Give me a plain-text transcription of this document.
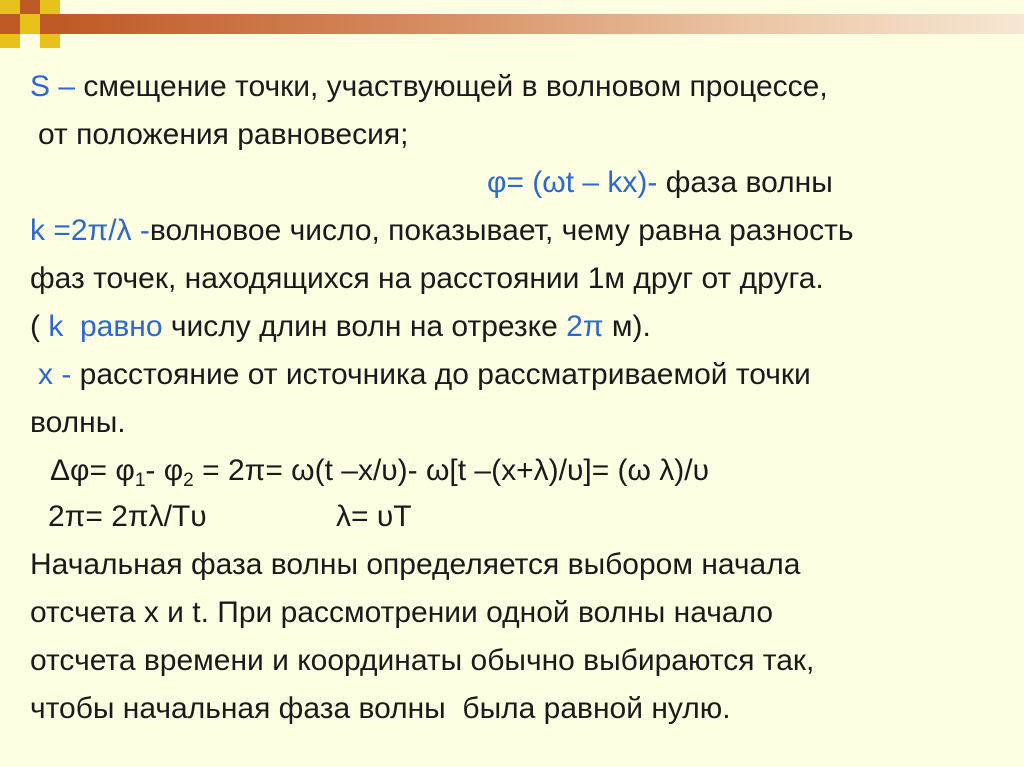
S – смещение точки, участвующей в волновом процессе,
от положения равновесия;
φ= (ωt – kx)- фаза волны
k =2π/λ -волновое число, показывает, чему равна разность
фаз точек, находящихся на расстоянии 1м друг от друга.
( k  равно числу длин волн на отрезке 2π м).
x - расстояние от источника до рассматриваемой точки
волны.
$\Delta\varphi= \varphi_1-$ $\varphi_2 = 2\pi= \omega(t$ –x/υ)- ω[t –(x+λ)/υ]= (ω λ)/υ
2π= 2πλ/Tυ	λ= υT
Начальная фаза волны определяется выбором начала
отсчета x и t. При рассмотрении одной волны начало
отсчета времени и координаты обычно выбираются так,
чтобы начальная фаза волны  была равной нулю.
